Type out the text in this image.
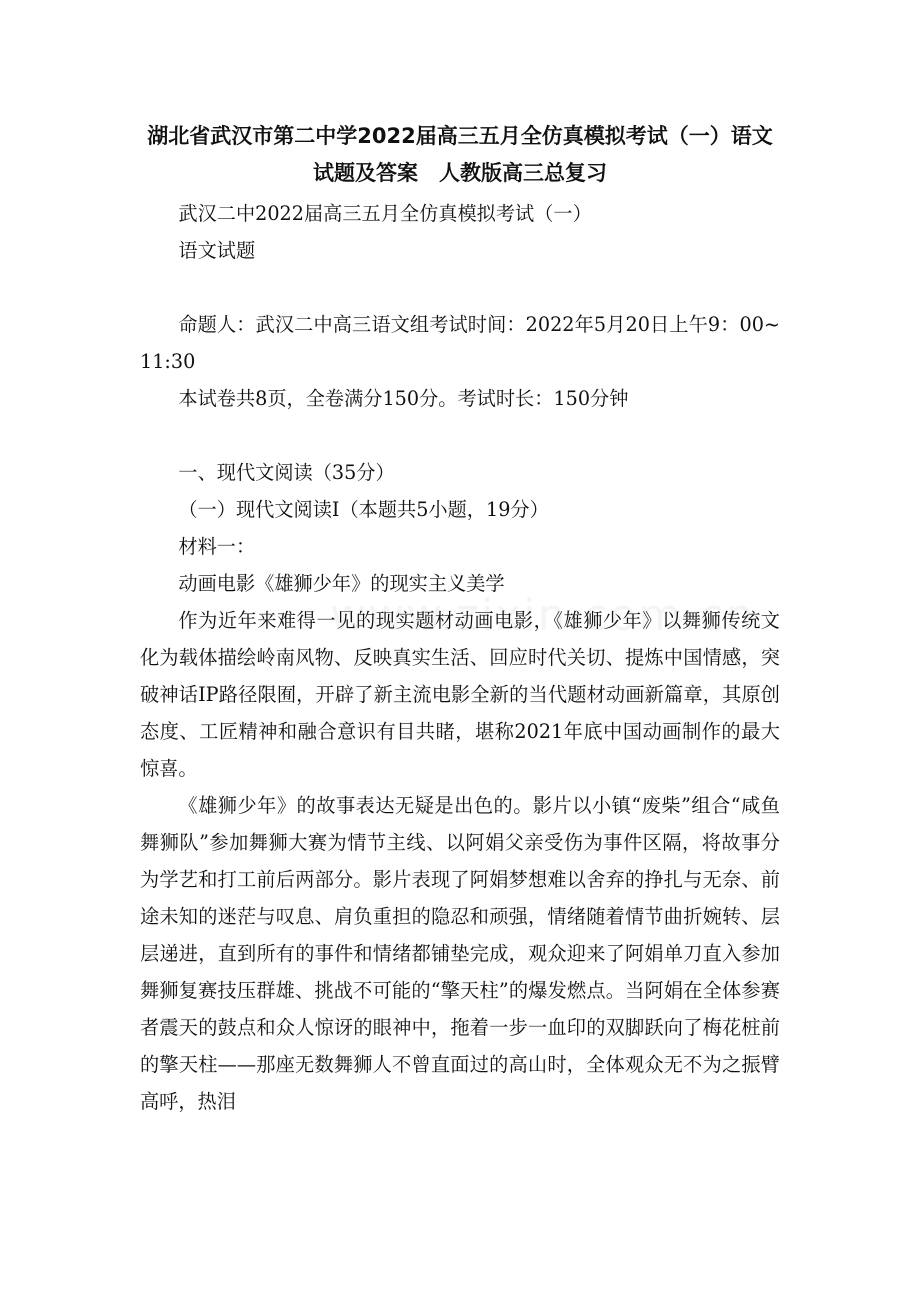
湖北省武汉市第二中学2022届高三五月全仿真模拟考试（一）语文
试题及答案　人教版高三总复习

武汉二中2022届高三五月全仿真模拟考试（一）

语文试题

命题人：武汉二中高三语文组考试时间：2022年5月20日上午9：00~11:30

本试卷共8页，全卷满分150分。考试时长：150分钟

一、现代文阅读（35分）

（一）现代文阅读Ⅰ（本题共5小题，19分）

材料一：

动画电影《雄狮少年》的现实主义美学

作为近年来难得一见的现实题材动画电影，《雄狮少年》以舞狮传统文化为载体描绘岭南风物、反映真实生活、回应时代关切、提炼中国情感，突破神话IP路径限囿，开辟了新主流电影全新的当代题材动画新篇章，其原创态度、工匠精神和融合意识有目共睹，堪称2021年底中国动画制作的最大惊喜。

《雄狮少年》的故事表达无疑是出色的。影片以小镇“废柴”组合“咸鱼舞狮队”参加舞狮大赛为情节主线、以阿娟父亲受伤为事件区隔，将故事分为学艺和打工前后两部分。影片表现了阿娟梦想难以舍弃的挣扎与无奈、前途未知的迷茫与叹息、肩负重担的隐忍和顽强，情绪随着情节曲折婉转、层层递进，直到所有的事件和情绪都铺垫完成，观众迎来了阿娟单刀直入参加舞狮复赛技压群雄、挑战不可能的“擎天柱”的爆发燃点。当阿娟在全体参赛者震天的鼓点和众人惊讶的眼神中，拖着一步一血印的双脚跃向了梅花桩前的擎天柱——那座无数舞狮人不曾直面过的高山时，全体观众无不为之振臂高呼，热泪
